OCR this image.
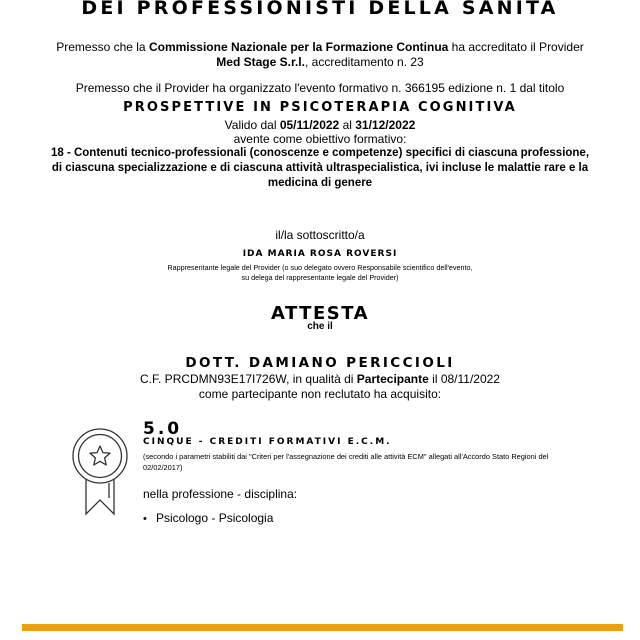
DEI PROFESSIONISTI DELLA SANITA
Premesso che la Commissione Nazionale per la Formazione Continua ha accreditato il Provider
Med Stage S.r.l., accreditamento n. 23
Premesso che il Provider ha organizzato l'evento formativo n. 366195 edizione n. 1 dal titolo
PROSPETTIVE IN PSICOTERAPIA COGNITIVA
Valido dal 05/11/2022 al 31/12/2022
avente come obiettivo formativo:
18 - Contenuti tecnico-professionali (conoscenze e competenze) specifici di ciascuna professione, di ciascuna specializzazione e di ciascuna attività ultraspecialistica, ivi incluse le malattie rare e la medicina di genere
il/la sottoscritto/a
IDA MARIA ROSA ROVERSI
Rappresentante legale del Provider (o suo delegato ovvero Responsabile scientifico dell'evento,
su delega del rappresentante legale del Provider)
ATTESTA
che il
DOTT. DAMIANO PERICCIOLI
C.F. PRCDMN93E17I726W, in qualità di Partecipante il 08/11/2022
come partecipante non reclutato ha acquisito:
5.0
CINQUE - CREDITI FORMATIVI E.C.M.
(secondo i parametri stabiliti dai "Criteri per l'assegnazione dei crediti alle attività ECM" allegati all'Accordo Stato Regioni del 02/02/2017)
nella professione - disciplina:
• Psicologo - Psicologia
